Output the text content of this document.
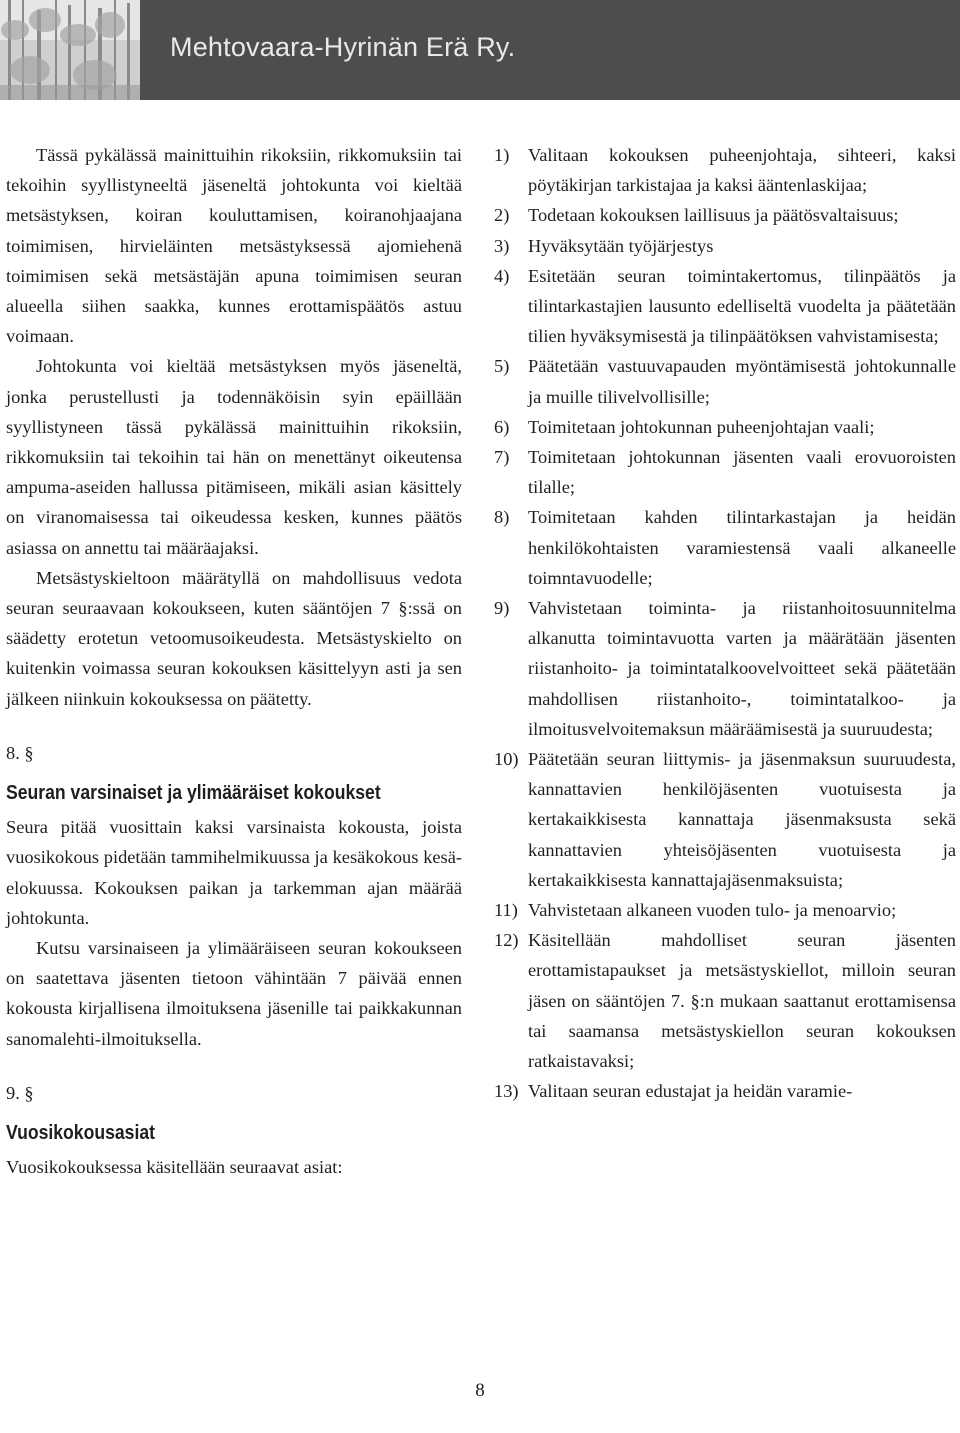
Mehtovaara-Hyrinän Erä Ry.

Tässä pykälässä mainittuihin rikoksiin, rikkomuksiin tai tekoihin syyllistyneeltä jäseneltä johtokunta voi kieltää metsästyksen, koiran kouluttamisen, koiranohjaajana toimimisen, hirvieläinten metsästyksessä ajomiehenä toimimisen sekä metsästäjän apuna toimimisen seuran alueella siihen saakka, kunnes erottamispäätös astuu voimaan.

Johtokunta voi kieltää metsästyksen myös jäseneltä, jonka perustellusti ja todennäköisin syin epäillään syyllistyneen tässä pykälässä mainittuihin rikoksiin, rikkomuksiin tai tekoihin tai hän on menettänyt oikeutensa ampuma-aseiden hallussa pitämiseen, mikäli asian käsittely on viranomaisessa tai oikeudessa kesken, kunnes päätös asiassa on annettu tai määräajaksi.

Metsästyskieltoon määrätyllä on mahdollisuus vedota seuran seuraavaan kokoukseen, kuten sääntöjen 7 §:ssä on säädetty erotetun vetoomusoikeudesta. Metsästyskielto on kuitenkin voimassa seuran kokouksen käsittelyyn asti ja sen jälkeen niinkuin kokouksessa on päätetty.

8. §

Seuran varsinaiset ja ylimääräiset kokoukset

Seura pitää vuosittain kaksi varsinaista kokousta, joista vuosikokous pidetään tammihelmikuussa ja kesäkokous kesä-elokuussa. Kokouksen paikan ja tarkemman ajan määrää johtokunta.

Kutsu varsinaiseen ja ylimääräiseen seuran kokoukseen on saatettava jäsenten tietoon vähintään 7 päivää ennen kokousta kirjallisena ilmoituksena jäsenille tai paikkakunnan sanomalehti-ilmoituksella.

9. §

Vuosikokousasiat

Vuosikokouksessa käsitellään seuraavat asiat:

1)	Valitaan kokouksen puheenjohtaja, sihteeri, kaksi pöytäkirjan tarkistajaa ja kaksi ääntenlaskijaa;
2)	Todetaan kokouksen laillisuus ja päätösvaltaisuus;
3)	Hyväksytään työjärjestys
4)	Esitetään seuran toimintakertomus, tilinpäätös ja tilintarkastajien lausunto edelliseltä vuodelta ja päätetään tilien hyväksymisestä ja tilinpäätöksen vahvistamisesta;
5)	Päätetään vastuuvapauden myöntämisestä johtokunnalle ja muille tilivelvollisille;
6)	Toimitetaan johtokunnan puheenjohtajan vaali;
7)	Toimitetaan johtokunnan jäsenten vaali erovuoroisten tilalle;
8)	Toimitetaan kahden tilintarkastajan ja heidän henkilökohtaisten varamiestensä vaali alkaneelle toimntavuodelle;
9)	Vahvistetaan toiminta- ja riistanhoitosuunnitelma alkanutta toimintavuotta varten ja määrätään jäsenten riistanhoito- ja toimintatalkoovelvoitteet sekä päätetään mahdollisen riistanhoito-, toimintatalkoo- ja ilmoitusvelvoitemaksun määräämisestä ja suuruudesta;
10) Päätetään seuran liittymis- ja jäsenmaksun suuruudesta, kannattavien henkilöjäsenten vuotuisesta ja kertakaikkisesta kannattaja jäsenmaksusta sekä kannattavien yhteisöjäsenten vuotuisesta ja kertakaikkisesta kannattajajäsenmaksuista;
11) Vahvistetaan alkaneen vuoden tulo- ja menoarvio;
12) Käsitellään mahdolliset seuran jäsenten erottamistapaukset ja metsästyskiellot, milloin seuran jäsen on sääntöjen 7. §:n mukaan saattanut erottamisensa tai saamansa metsästyskiellon seuran kokouksen ratkaistavaksi;
13) Valitaan seuran edustajat ja heidän varamie-
8
